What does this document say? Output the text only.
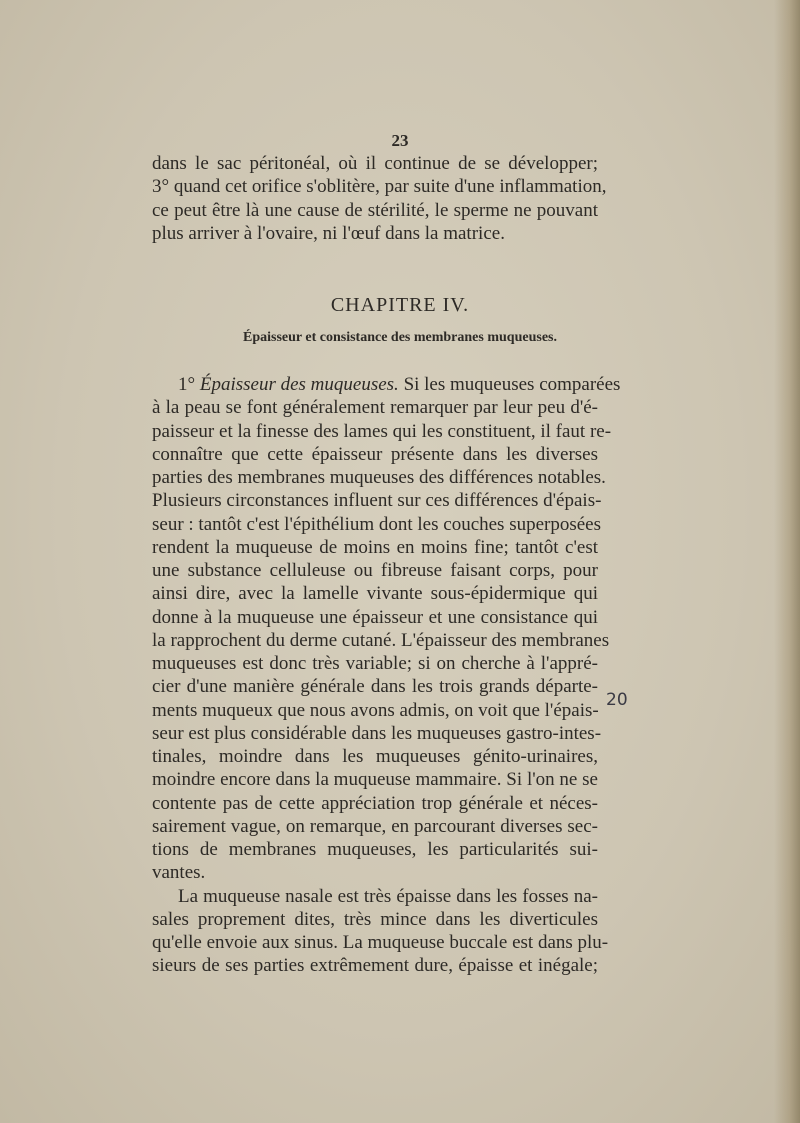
23
dans le sac péritonéal, où il continue de se développer;
3° quand cet orifice s'oblitère, par suite d'une inflammation,
ce peut être là une cause de stérilité, le sperme ne pouvant
plus arriver à l'ovaire, ni l'œuf dans la matrice.
CHAPITRE IV.
Épaisseur et consistance des membranes muqueuses.
1° Épaisseur des muqueuses. Si les muqueuses comparées
à la peau se font généralement remarquer par leur peu d'é-
paisseur et la finesse des lames qui les constituent, il faut re-
connaître que cette épaisseur présente dans les diverses
parties des membranes muqueuses des différences notables.
Plusieurs circonstances influent sur ces différences d'épais-
seur : tantôt c'est l'épithélium dont les couches superposées
rendent la muqueuse de moins en moins fine; tantôt c'est
une substance celluleuse ou fibreuse faisant corps, pour
ainsi dire, avec la lamelle vivante sous-épidermique qui
donne à la muqueuse une épaisseur et une consistance qui
la rapprochent du derme cutané. L'épaisseur des membranes
muqueuses est donc très variable; si on cherche à l'appré-
cier d'une manière générale dans les trois grands départe-
ments muqueux que nous avons admis, on voit que l'épais-
seur est plus considérable dans les muqueuses gastro-intes-
tinales, moindre dans les muqueuses génito-urinaires,
moindre encore dans la muqueuse mammaire. Si l'on ne se
contente pas de cette appréciation trop générale et néces-
sairement vague, on remarque, en parcourant diverses sec-
tions de membranes muqueuses, les particularités sui-
vantes.
La muqueuse nasale est très épaisse dans les fosses na-
sales proprement dites, très mince dans les diverticules
qu'elle envoie aux sinus. La muqueuse buccale est dans plu-
sieurs de ses parties extrêmement dure, épaisse et inégale;
20
